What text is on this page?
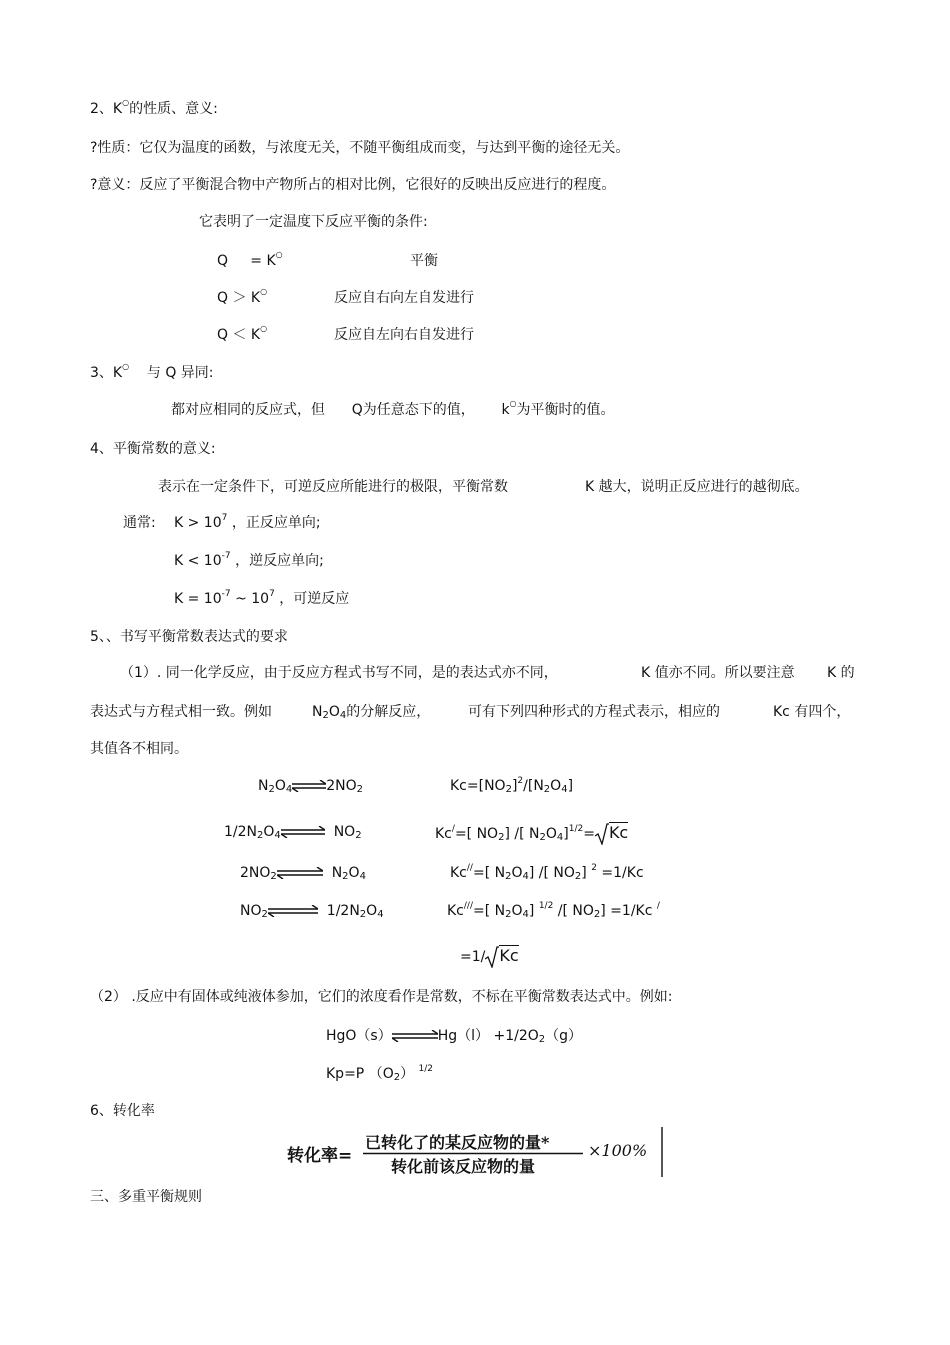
2、K○的性质、意义:
?性质：它仅为温度的函数，与浓度无关，不随平衡组成而变，与达到平衡的途径无关。
?意义：反应了平衡混合物中产物所占的相对比例，它很好的反映出反应进行的程度。
它表明了一定温度下反应平衡的条件:
Q = K○	平衡
Q ＞ K○	反应自右向左自发进行
Q ＜ K○	反应自左向右自发进行
3、K○ 与 Q 异同:
都对应相同的反应式，但 Q为任意态下的值， k○为平衡时的值。
4、平衡常数的意义:
表示在一定条件下，可逆反应所能进行的极限，平衡常数	K 越大，说明正反应进行的越彻底。
通常: $K > 10^7$ ，正反应单向;
$K < 10^{-7}$ ，逆反应单向;
$K = 10^{-7}$ ~ $10^7$ ，可逆反应
5、、书写平衡常数表达式的要求
（1）. 同一化学反应，由于反应方程式书写不同，是的表达式亦不同，	K 值亦不同。所以要注意 K 的
表达式与方程式相一致。例如	$N_2O_4$的分解反应，	可有下列四种形式的方程式表示，相应的	Kc 有四个，
其值各不相同。
$N_2O_4\rightleftharpoons 2NO_2$	$Kc=[NO_2]^2/[N_2O_4]$
$1/2N_2O_4\rightleftharpoons$ $NO_2$	Kc/=[ $NO_2$] /[ $N_2O_4]^{1/2}= Kc$
$2NO_2\rightleftharpoons$ $N_2O_4$	Kc//=[ $N_2O_4$] /[ $NO_2$] $^2$ =1/Kc
$NO_2\rightleftharpoons$ $1/2N_2O_4$	Kc///=[ $N_2O_4$] $^{1/2}$ /[ $NO_2] =1/Kc$ /
=1/ Kc
（2） .反应中有固体或纯液体参加，它们的浓度看作是常数，不标在平衡常数表达式中。例如:
HgO（s）⇌Hg（l） $+1/2O_2(g)$
Kp=P $(O_2)$ $^{1/2}$
6、转化率
转化率=
已转化了的某反应物的量*
转化前该反应物的量
×100%
三、多重平衡规则
